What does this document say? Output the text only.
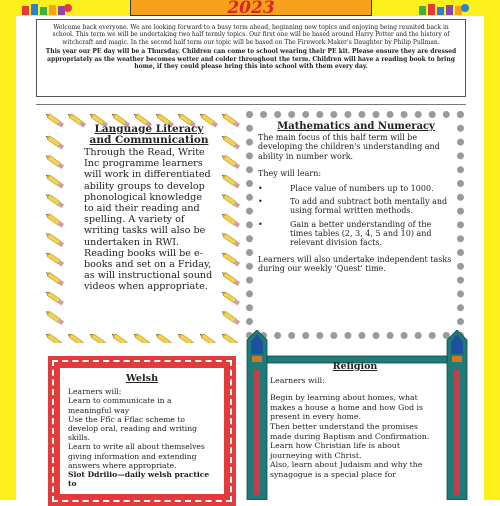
2023

Welcome back everyone. We are looking forward to a busy term ahead, beginning new topics and enjoying being reunited back in school. This term we will be undertaking two half termly topics. Our first one will be based around Harry Potter and the history of witchcraft and magic. In the second half term our topic will be based on The Firework Maker's Daughter by Philip Pullman.

This year our PE day will be a Thursday. Children can come to school wearing their PE kit. Please ensure they are dressed appropriately as the weather becomes wetter and colder throughout the term. Children will have a reading book to bring home, if they could please bring this into school with them every day.

Language Literacy and Communication
Through the Read, Write Inc programme learners will work in differentiated ability groups to develop phonological knowledge to aid their reading and spelling. A variety of writing tasks will also be undertaken in RWI. Reading books will be e-books and set on a Friday, as will instructional sound videos when appropriate.
Mathematics and Numeracy
The main focus of this half term will be developing the children's understanding and ability in number work.
They will learn:
• Place value of numbers up to 1000.
• To add and subtract both mentally and using formal written methods.
• Gain a better understanding of the times tables (2, 3, 4, 5 and 10) and relevant division facts.
Learners will also undertake independent tasks during our weekly 'Quest' time.
Welsh
Learners will:
Learn to communicate in a meaningful way
Use the Ffîc a Fflac scheme to develop oral, reading and writing skills.
Learn to write all about themselves giving information and extending answers where appropriate.
Slot Ddrilio—daily welsh practice to
Religion

Learners will:

Begin by learning about homes, what makes a house a home and how God is present in every home.

Then better understand the promises made during Baptism and Confirmation.

Learn how Christian life is about journeying with Christ.

Also, learn about Judaism and why the synagogue is a special place for
